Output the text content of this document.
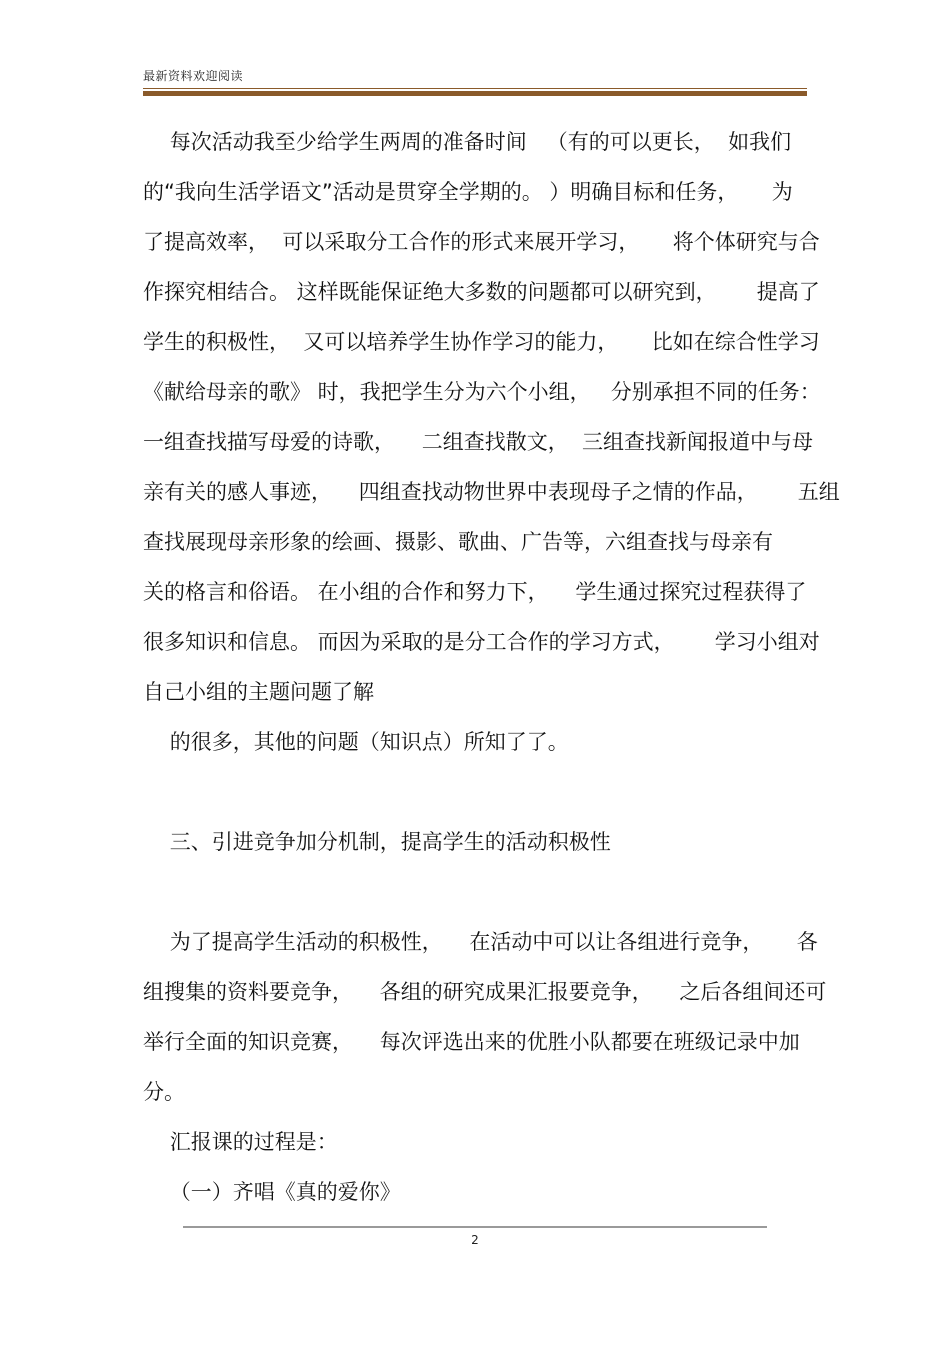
最新资料欢迎阅读
每次活动我至少给学生两周的准备时间   （有的可以更长，  如我们
的“我向生活学语文”活动是贯穿全学期的。 ）明确目标和任务，     为
了提高效率，  可以采取分工合作的形式来展开学习，     将个体研究与合
作探究相结合。 这样既能保证绝大多数的问题都可以研究到，      提高了
学生的积极性，  又可以培养学生协作学习的能力，     比如在综合性学习
《献给母亲的歌》 时，我把学生分为六个小组，   分别承担不同的任务：
一组查找描写母爱的诗歌，    二组查找散文，  三组查找新闻报道中与母
亲有关的感人事迹，    四组查找动物世界中表现母子之情的作品，      五组
查找展现母亲形象的绘画、摄影、歌曲、广告等，六组查找与母亲有
关的格言和俗语。 在小组的合作和努力下，    学生通过探究过程获得了
很多知识和信息。 而因为采取的是分工合作的学习方式，      学习小组对
自己小组的主题问题了解
的很多，其他的问题（知识点）所知了了。
三、引进竞争加分机制，提高学生的活动积极性
为了提高学生活动的积极性，    在活动中可以让各组进行竞争，     各
组搜集的资料要竞争，    各组的研究成果汇报要竞争，    之后各组间还可
举行全面的知识竞赛，    每次评选出来的优胜小队都要在班级记录中加
分。
汇报课的过程是：
（一）齐唱《真的爱你》
2
